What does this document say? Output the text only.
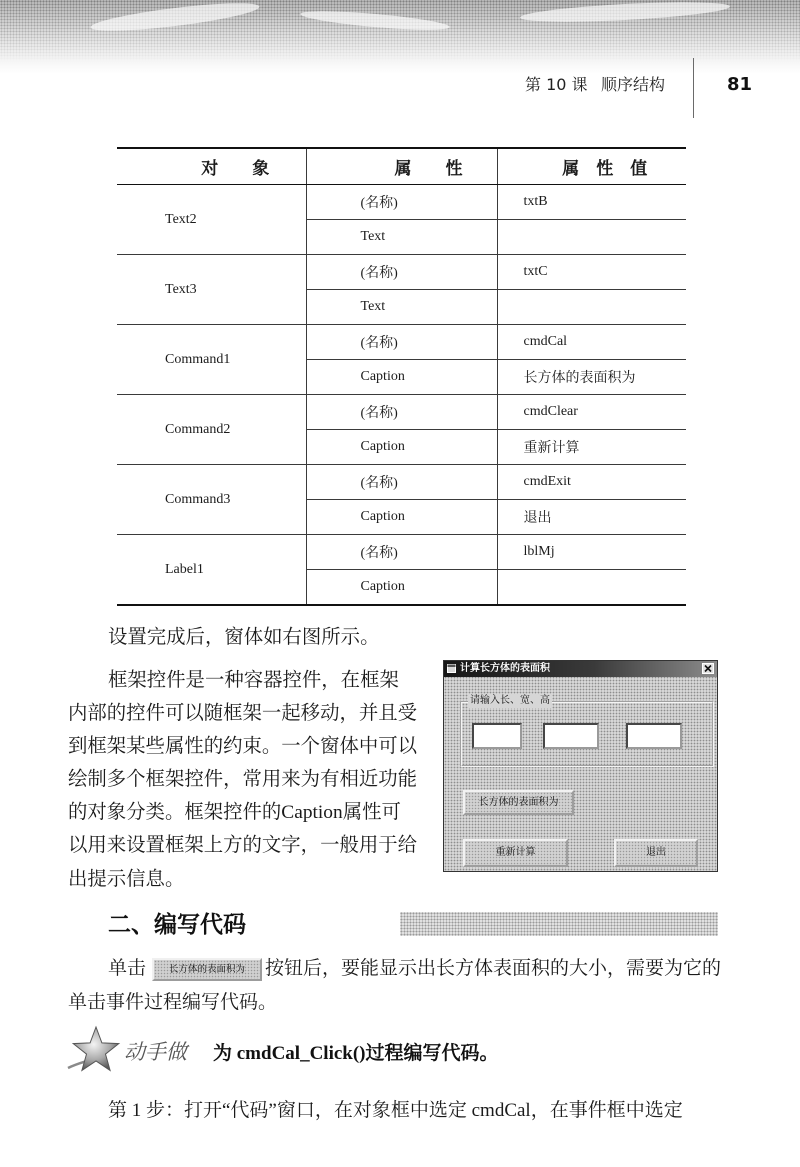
第 10 课 顺序结构	81
对　　象	属　　性	属　性　值
Text2	(名称)	txtB
	Text	
Text3	(名称)	txtC
	Text	
Command1	(名称)	cmdCal
	Caption	长方体的表面积为
Command2	(名称)	cmdClear
	Caption	重新计算
Command3	(名称)	cmdExit
	Caption	退出
Label1	(名称)	lblMj
	Caption	
设置完成后，窗体如右图所示。
框架控件是一种容器控件，在框架
内部的控件可以随框架一起移动，并且受
到框架某些属性的约束。一个窗体中可以
绘制多个框架控件，常用来为有相近功能
的对象分类。框架控件的Caption属性可
以用来设置框架上方的文字，一般用于给
出提示信息。
计算长方体的表面积
请输入长、宽、高
长方体的表面积为
重新计算	退出
二、编写代码
单击 长方体的表面积为 按钮后，要能显示出长方体表面积的大小，需要为它的
单击事件过程编写代码。
动手做 为 cmdCal_Click()过程编写代码。
第 1 步：打开“代码”窗口，在对象框中选定 cmdCal，在事件框中选定
